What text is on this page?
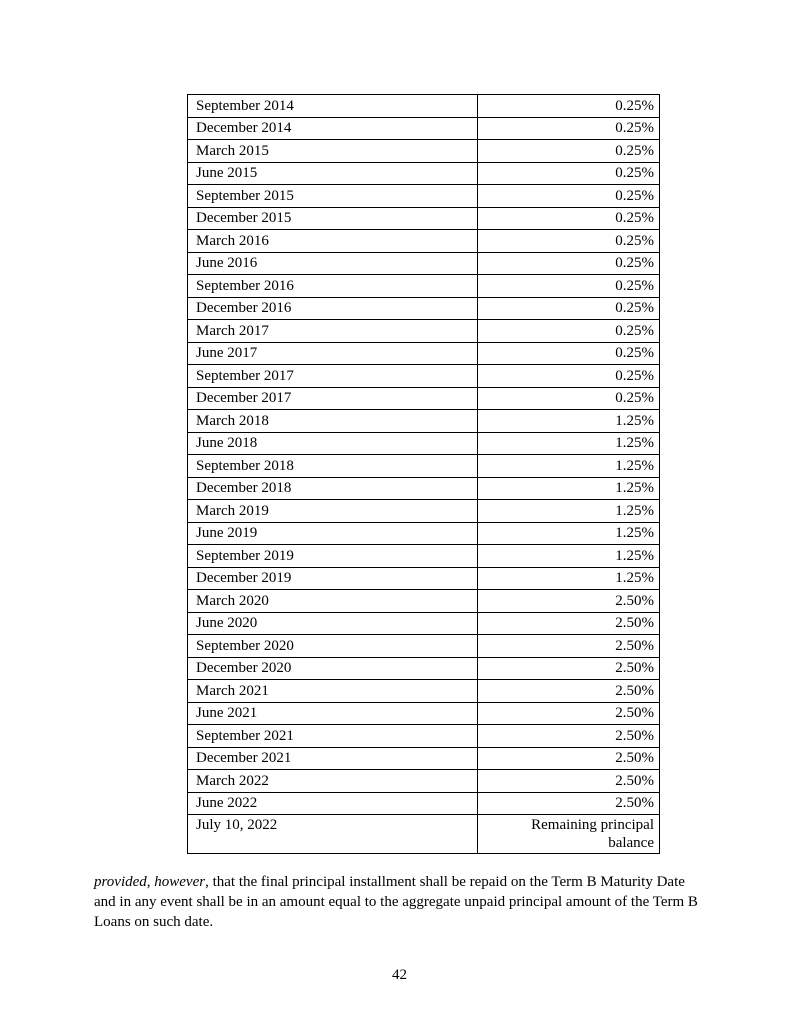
September 2014	0.25%
December 2014	0.25%
March 2015	0.25%
June 2015	0.25%
September 2015	0.25%
December 2015	0.25%
March 2016	0.25%
June 2016	0.25%
September 2016	0.25%
December 2016	0.25%
March 2017	0.25%
June 2017	0.25%
September 2017	0.25%
December 2017	0.25%
March 2018	1.25%
June 2018	1.25%
September 2018	1.25%
December 2018	1.25%
March 2019	1.25%
June 2019	1.25%
September 2019	1.25%
December 2019	1.25%
March 2020	2.50%
June 2020	2.50%
September 2020	2.50%
December 2020	2.50%
March 2021	2.50%
June 2021	2.50%
September 2021	2.50%
December 2021	2.50%
March 2022	2.50%
June 2022	2.50%
July 10, 2022	Remaining principal
balance

provided, however, that the final principal installment shall be repaid on the Term B Maturity Date and in any event shall be in an amount equal to the aggregate unpaid principal amount of the Term B Loans on such date.

42
